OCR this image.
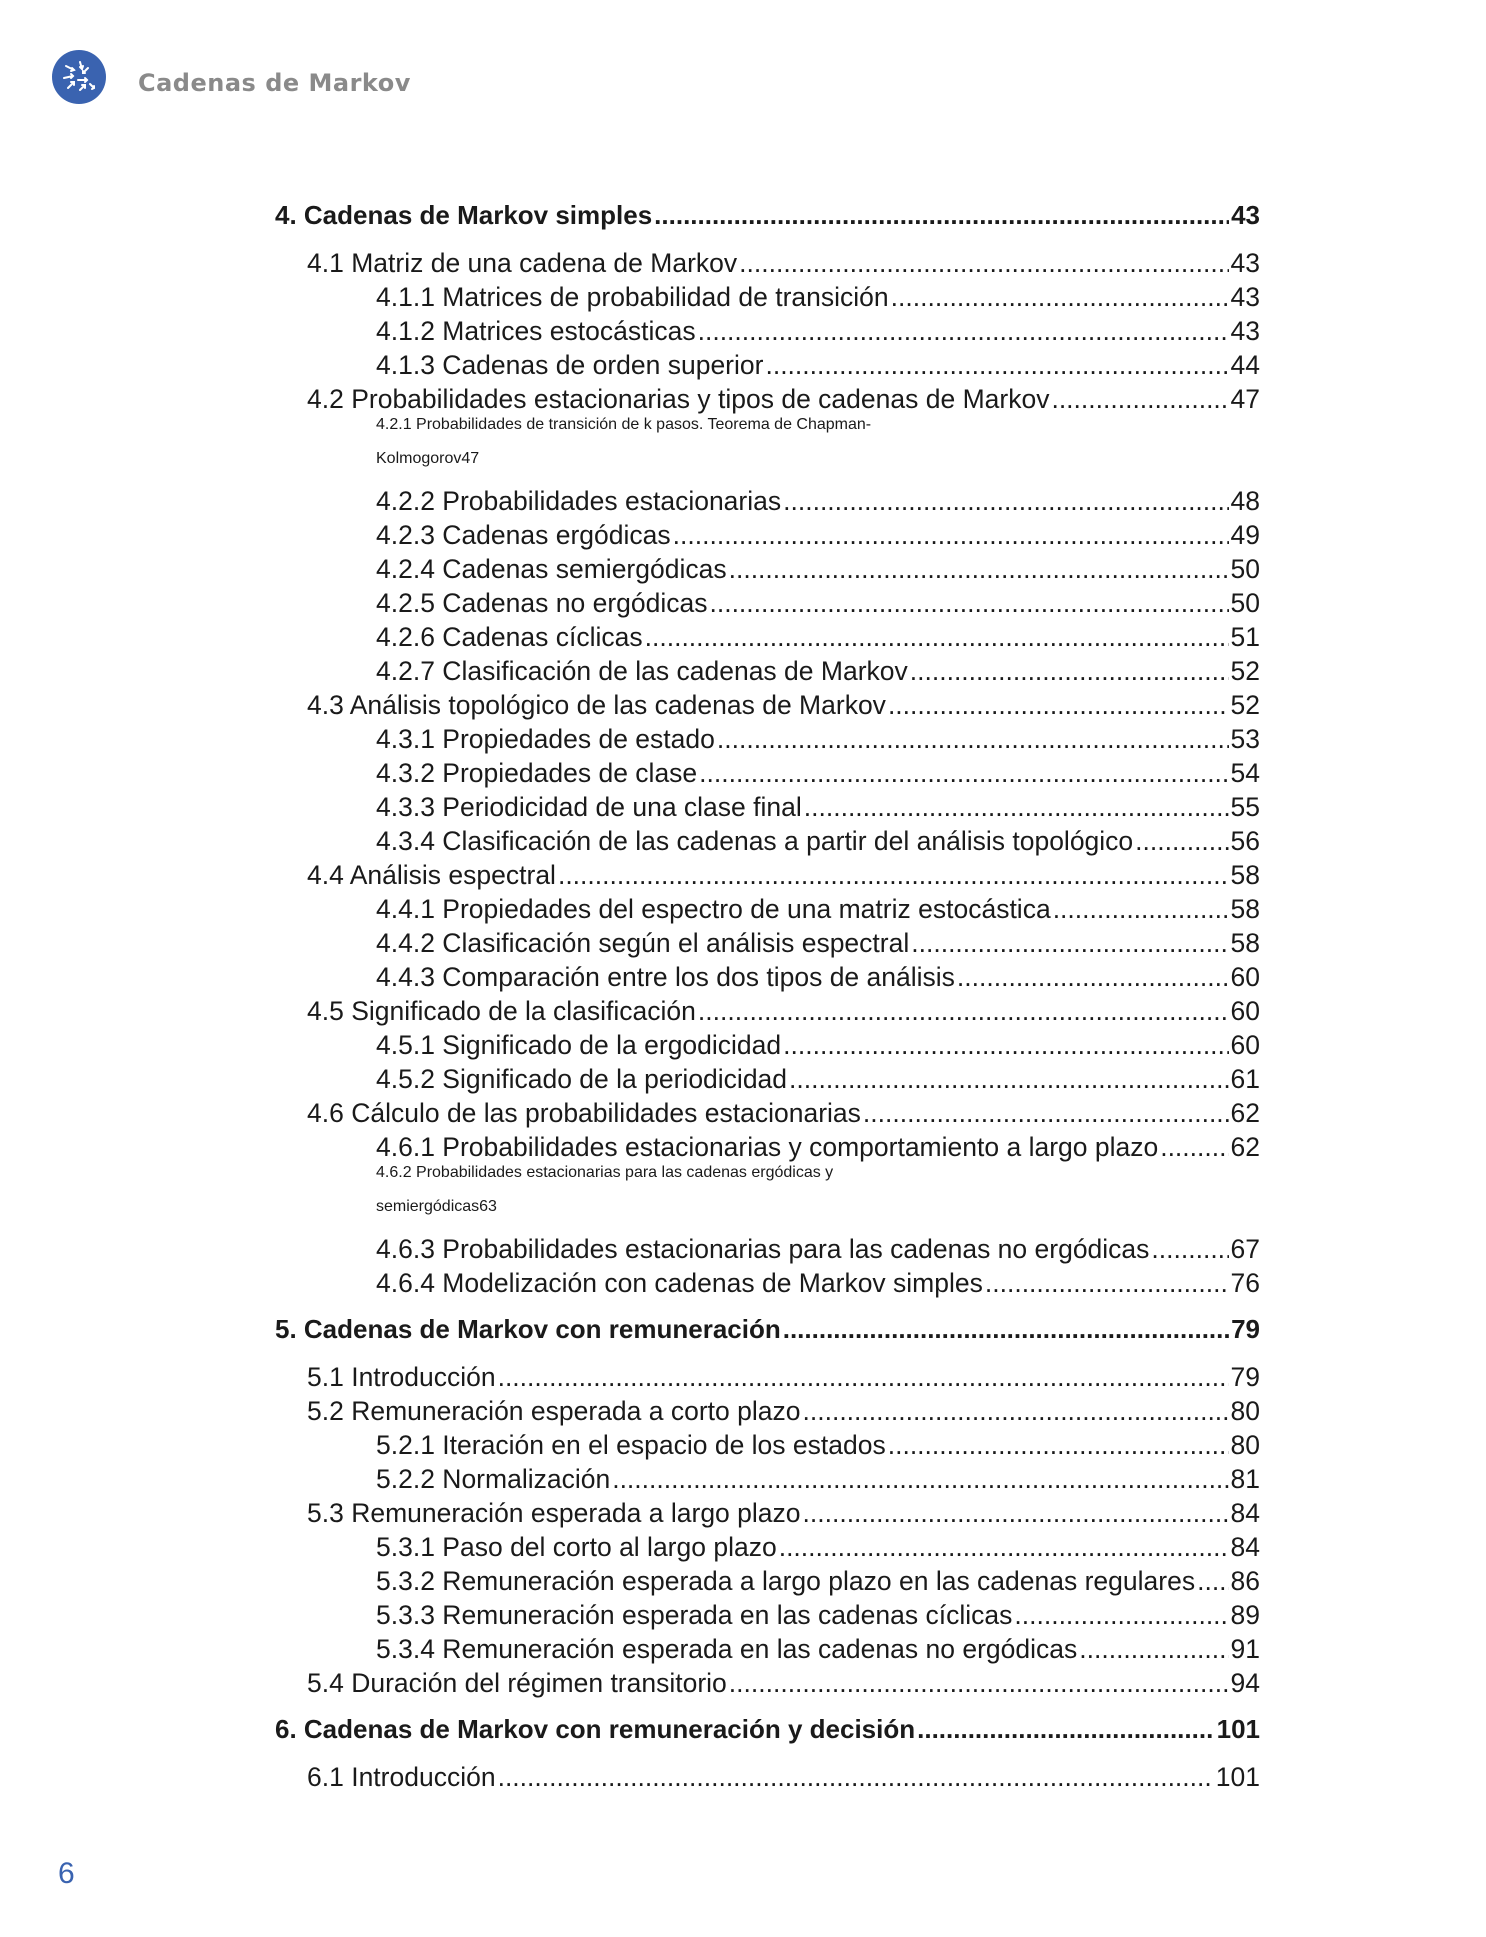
Cadenas de Markov
4. Cadenas de Markov simples .....	43
4.1 Matriz de una cadena de Markov .....	43
4.1.1 Matrices de probabilidad de transición .....	43
4.1.2 Matrices estocásticas .....	43
4.1.3 Cadenas de orden superior .....	44
4.2 Probabilidades estacionarias y tipos de cadenas de Markov .....	47
4.2.1 Probabilidades de transición de k pasos. Teorema de Chapman-
Kolmogorov 47
4.2.2 Probabilidades estacionarias .....	48
4.2.3 Cadenas ergódicas .....	49
4.2.4 Cadenas semiergódicas .....	50
4.2.5 Cadenas no ergódicas .....	50
4.2.6 Cadenas cíclicas .....	51
4.2.7 Clasificación de las cadenas de Markov .....	52
4.3 Análisis topológico de las cadenas de Markov .....	52
4.3.1 Propiedades de estado .....	53
4.3.2 Propiedades de clase .....	54
4.3.3 Periodicidad de una clase final .....	55
4.3.4 Clasificación de las cadenas a partir del análisis topológico .....	56
4.4 Análisis espectral .....	58
4.4.1 Propiedades del espectro de una matriz estocástica .....	58
4.4.2 Clasificación según el análisis espectral .....	58
4.4.3 Comparación entre los dos tipos de análisis .....	60
4.5 Significado de la clasificación .....	60
4.5.1 Significado de la ergodicidad .....	60
4.5.2 Significado de la periodicidad .....	61
4.6 Cálculo de las probabilidades estacionarias .....	62
4.6.1 Probabilidades estacionarias y comportamiento a largo plazo .....	62
4.6.2 Probabilidades estacionarias para las cadenas ergódicas y
semiergódicas 63
4.6.3 Probabilidades estacionarias para las cadenas no ergódicas .....	67
4.6.4 Modelización con cadenas de Markov simples .....	76
5. Cadenas de Markov con remuneración .....	79
5.1 Introducción .....	79
5.2 Remuneración esperada a corto plazo .....	80
5.2.1 Iteración en el espacio de los estados .....	80
5.2.2 Normalización .....	81
5.3 Remuneración esperada a largo plazo .....	84
5.3.1 Paso del corto al largo plazo .....	84
5.3.2 Remuneración esperada a largo plazo en las cadenas regulares ..... 86
5.3.3 Remuneración esperada en las cadenas cíclicas .....	89
5.3.4 Remuneración esperada en las cadenas no ergódicas .....	91
5.4 Duración del régimen transitorio .....	94
6. Cadenas de Markov con remuneración y decisión .....	101
6.1 Introducción .....	101
6
